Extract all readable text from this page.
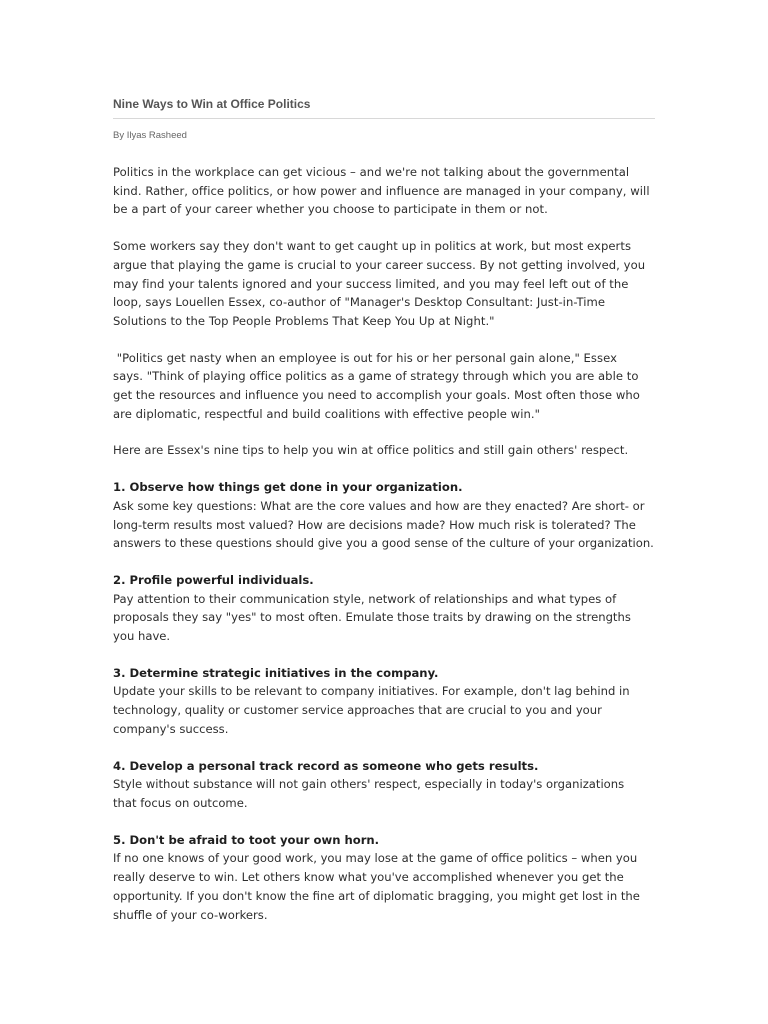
Nine Ways to Win at Office Politics
By Ilyas Rasheed

Politics in the workplace can get vicious – and we're not talking about the governmental kind. Rather, office politics, or how power and influence are managed in your company, will be a part of your career whether you choose to participate in them or not.

Some workers say they don't want to get caught up in politics at work, but most experts argue that playing the game is crucial to your career success. By not getting involved, you may find your talents ignored and your success limited, and you may feel left out of the loop, says Louellen Essex, co-author of "Manager's Desktop Consultant: Just-in-Time Solutions to the Top People Problems That Keep You Up at Night."

"Politics get nasty when an employee is out for his or her personal gain alone," Essex says. "Think of playing office politics as a game of strategy through which you are able to get the resources and influence you need to accomplish your goals. Most often those who are diplomatic, respectful and build coalitions with effective people win."

Here are Essex's nine tips to help you win at office politics and still gain others' respect.

1. Observe how things get done in your organization.
Ask some key questions: What are the core values and how are they enacted? Are short- or long-term results most valued? How are decisions made? How much risk is tolerated? The answers to these questions should give you a good sense of the culture of your organization.
2. Profile powerful individuals.
Pay attention to their communication style, network of relationships and what types of proposals they say "yes" to most often. Emulate those traits by drawing on the strengths you have.
3. Determine strategic initiatives in the company.
Update your skills to be relevant to company initiatives. For example, don't lag behind in technology, quality or customer service approaches that are crucial to you and your company's success.
4. Develop a personal track record as someone who gets results.
Style without substance will not gain others' respect, especially in today's organizations that focus on outcome.
5. Don't be afraid to toot your own horn.
If no one knows of your good work, you may lose at the game of office politics – when you really deserve to win. Let others know what you've accomplished whenever you get the opportunity. If you don't know the fine art of diplomatic bragging, you might get lost in the shuffle of your co-workers.
